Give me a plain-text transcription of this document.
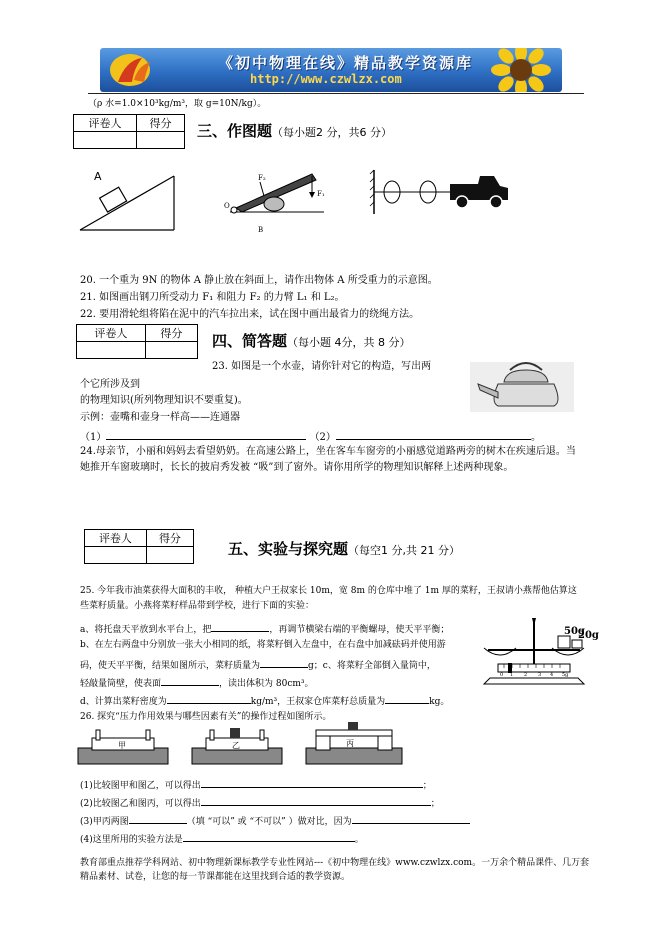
《初中物理在线》精品教学资源库
http://www.czwlzx.com
（ρ 水=1.0×10³kg/m³，取 g=10N/kg）。
评卷人	得分
	三、作图题（每小题2 分，共6 分）
A	F₂
F₁
O
B
20. 一个重为 9N 的物体 A 静止放在斜面上，请作出物体 A 所受重力的示意图。
21. 如图画出钢刀所受动力 F₁ 和阻力 F₂ 的力臂 L₁ 和 L₂。
22. 要用滑轮组将陷在泥中的汽车拉出来，试在图中画出最省力的绕绳方法。
评卷人	得分
	四、简答题（每小题 4分，共 8 分）
23. 如图是一个水壶，请你针对它的构造，写出两
个它所涉及到
的物理知识(所列物理知识不要重复)。
示例：壶嘴和壶身一样高——连通器
（1）	（2）	。
24.母亲节，小丽和妈妈去看望奶奶。在高速公路上，坐在客车车窗旁的小丽感觉道路两旁的树木在疾速后退。当她推开车窗玻璃时，长长的披肩秀发被 “吸”到了窗外。请你用所学的物理知识解释上述两种现象。
评卷人	得分

五、实验与探究题（每空1 分,共 21 分）
25. 今年我市油菜获得大面积的丰收， 种植大户王叔家长 10m，宽 8m 的仓库中堆了 1m 厚的菜籽，王叔请小燕帮他估算这些菜籽质量。小燕将菜籽样品带到学校，进行下面的实验：
a、将托盘天平放到水平台上，把	，再调节横梁右端的平衡螺母，使天平平衡；
b、在左右两盘中分别放一张大小相同的纸，将菜籽倒入左盘中，在右盘中加减砝码并使用游
码，使天平平衡，结果如图所示，菜籽质量为	g；c、将菜籽全部倒入量筒中，
轻敲量筒壁，使表面	，读出体积为 80cm³。
d、计算出菜籽密度为	kg/m³，王叔家仓库菜籽总质量为	kg。
50g
20g
0 1 2 3 4 5g
26. 探究“压力作用效果与哪些因素有关”的操作过程如图所示。
甲	乙	丙
(1)比较图甲和图乙，可以得出	；
(2)比较图乙和图丙，可以得出	；
(3)甲丙两图	（填 “可以” 或 “不可以” ）做对比，因为
(4)这里所用的实验方法是	。
教育部重点推荐学科网站、初中物理新课标教学专业性网站---《初中物理在线》www.czwlzx.com。一万余个精品课件、几万套精品素材、试卷，让您的每一节课都能在这里找到合适的教学资源。
